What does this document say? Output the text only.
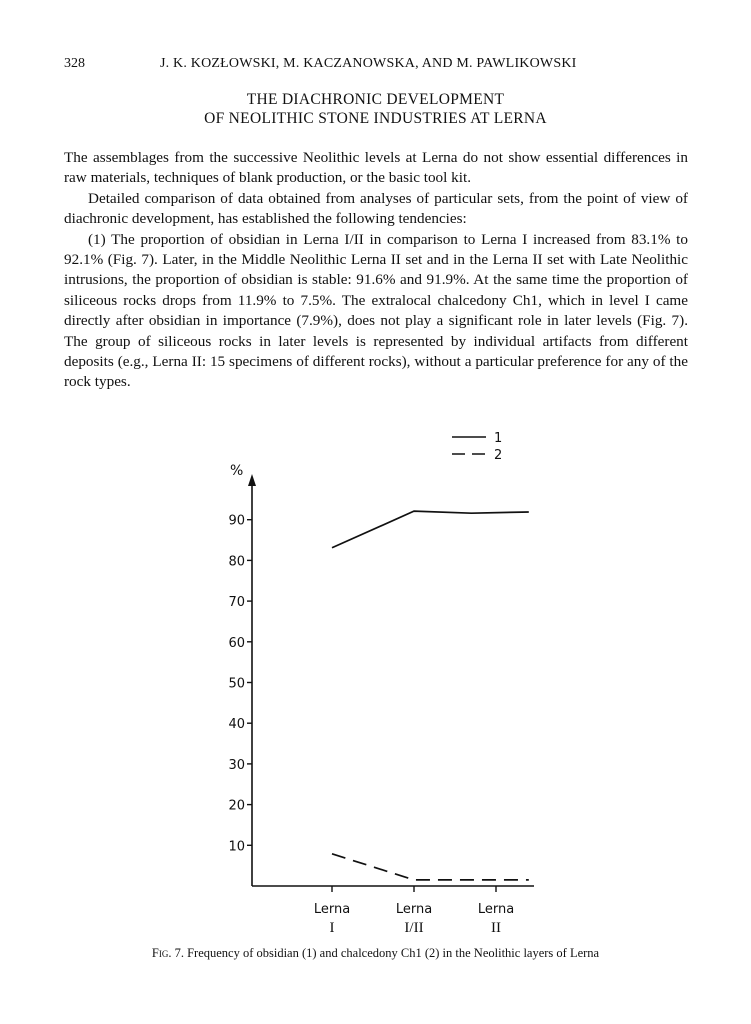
328	J. K. KOZŁOWSKI, M. KACZANOWSKA, AND M. PAWLIKOWSKI
THE DIACHRONIC DEVELOPMENT
OF NEOLITHIC STONE INDUSTRIES AT LERNA

The assemblages from the successive Neolithic levels at Lerna do not show essential differences in raw materials, techniques of blank production, or the basic tool kit.

Detailed comparison of data obtained from analyses of particular sets, from the point of view of diachronic development, has established the following tendencies:

(1) The proportion of obsidian in Lerna I/II in comparison to Lerna I increased from 83.1% to 92.1% (Fig. 7). Later, in the Middle Neolithic Lerna II set and in the Lerna II set with Late Neolithic intrusions, the proportion of obsidian is stable: 91.6% and 91.9%. At the same time the proportion of siliceous rocks drops from 11.9% to 7.5%. The extralocal chalcedony Ch1, which in level I came directly after obsidian in importance (7.9%), does not play a significant role in later levels (Fig. 7). The group of siliceous rocks in later levels is represented by individual artifacts from different deposits (e.g., Lerna II: 15 specimens of different rocks), without a particular preference for any of the rock types.

%
10
20
30
40
50
60
70
80
90
Lerna
I
Lerna
I/II
Lerna
II
1
2
Fig. 7. Frequency of obsidian (1) and chalcedony Ch1 (2) in the Neolithic layers of Lerna
